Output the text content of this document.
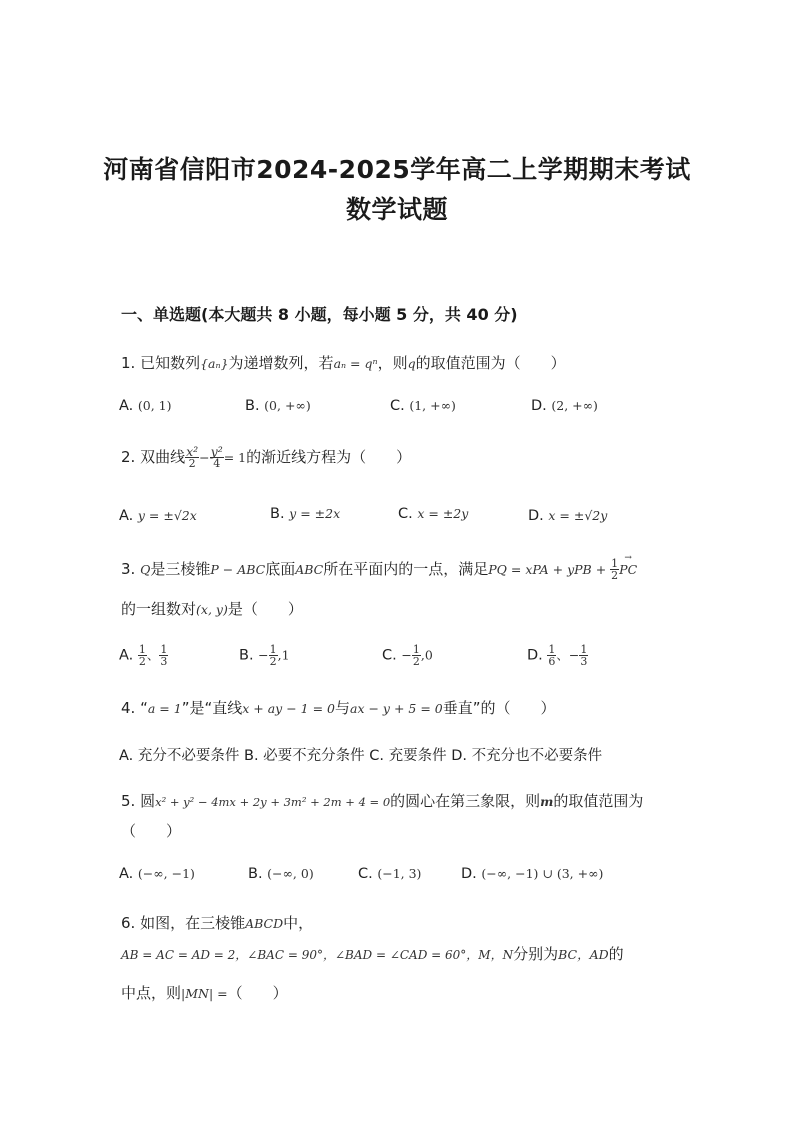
河南省信阳市2024-2025学年高二上学期期末考试
数学试题
一、单选题(本大题共 8 小题，每小题 5 分，共 40 分)
1. 已知数列{aₙ}为递增数列，若aₙ = qⁿ，则q的取值范围为（　　）
A. (0, 1)	B. (0, +∞)	C. (1, +∞)	D. (2, +∞)
2. 双曲线 $\frac{\text{x²}}{2} - \frac{\text{y²}}{4} = 1$的渐近线方程为（　　）
A. y = ±√2x	B. y = ±2x	C. x = ±2y	D. x = ±√2y
3. Q是三棱锥P − ABC底面ABC所在平面内的一点，满足PQ = xPA + yPB + $\frac{1}{2}$
→ PC
的一组数对(x, y)是（　　）
A. $\frac{1}{2}$ 、 $\frac{1}{3}$	B. − $\frac{1}{2} ,1$	C. − $\frac{1}{2} ,0$	D. $\frac{1}{6}$ 、− $\frac{1}{3}$
4. “a = 1”是“直线x + ay − 1 = 0与ax − y + 5 = 0垂直”的（　　）
A. 充分不必要条件 B. 必要不充分条件 C. 充要条件 D. 不充分也不必要条件
5. 圆x² + y² − 4mx + 2y + 3m² + 2m + 4 = 0的圆心在第三象限，则m的取值范围为
（　　）
A. (−∞, −1)	B. (−∞, 0)	C. (−1, 3)	D. (−∞, −1) ∪ (3, +∞)
6. 如图，在三棱锥ABCD中，
AB = AC = AD = 2，∠BAC = 90°，∠BAD = ∠CAD = 60°，M，N分别为BC，AD的
中点，则|MN| =（　　）
